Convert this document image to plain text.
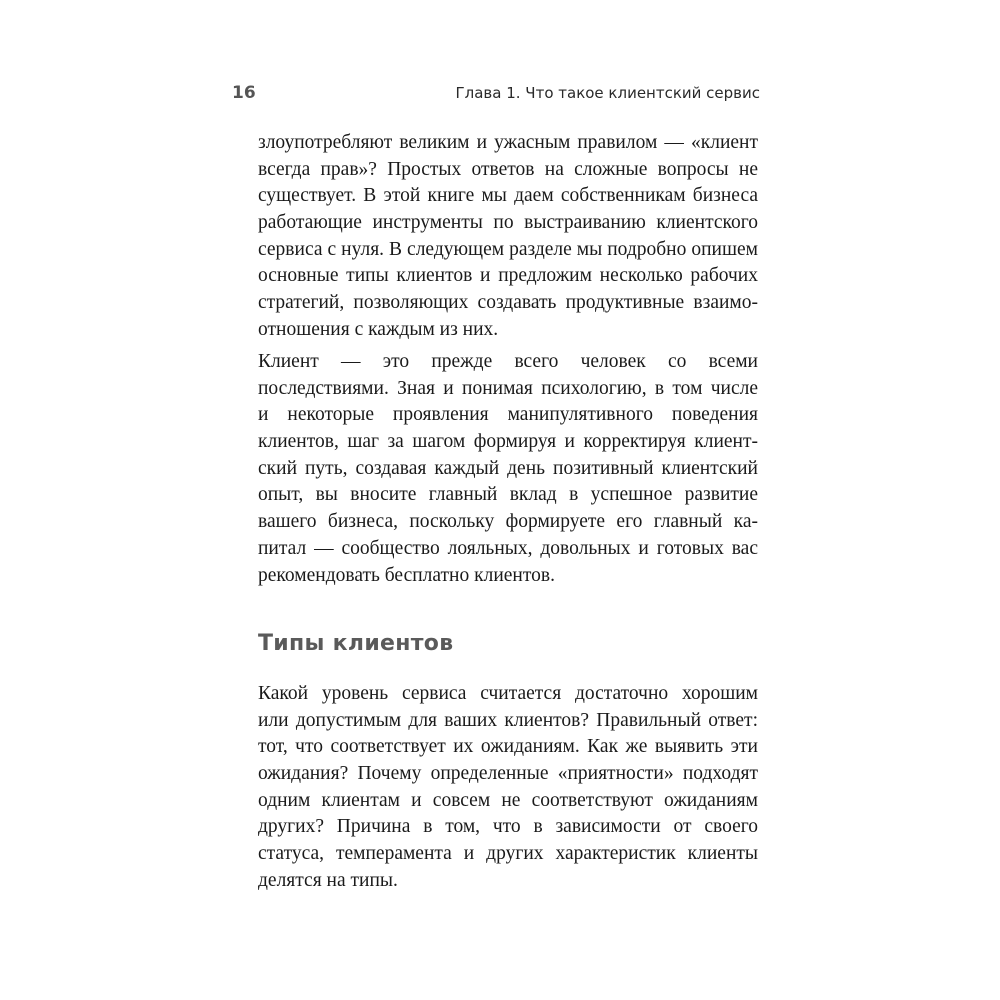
16	Глава 1. Что такое клиентский сервис
злоупотребляют великим и ужасным правилом — «клиент
всегда прав»? Простых ответов на сложные вопросы не
существует. В этой книге мы даем собственникам бизнеса
работающие инструменты по выстраиванию клиентского
сервиса с нуля. В следующем разделе мы подробно опишем
основные типы клиентов и предложим несколько рабочих
стратегий, позволяющих создавать продуктивные взаимо-
отношения с каждым из них.
Клиент — это прежде всего человек со всеми
последствиями. Зная и понимая психологию, в том числе
и некоторые проявления манипулятивного поведения
клиентов, шаг за шагом формируя и корректируя клиент-
ский путь, создавая каждый день позитивный клиентский
опыт, вы вносите главный вклад в успешное развитие
вашего бизнеса, поскольку формируете его главный ка-
питал — сообщество лояльных, довольных и готовых вас
рекомендовать бесплатно клиентов.
Типы клиентов
Какой уровень сервиса считается достаточно хорошим
или допустимым для ваших клиентов? Правильный ответ:
тот, что соответствует их ожиданиям. Как же выявить эти
ожидания? Почему определенные «приятности» подходят
одним клиентам и совсем не соответствуют ожиданиям
других? Причина в том, что в зависимости от своего
статуса, темперамента и других характеристик клиенты
делятся на типы.
